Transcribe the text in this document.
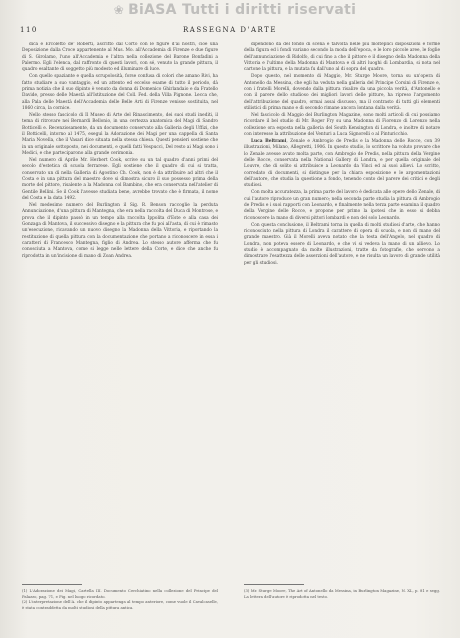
❀ BiASA Tutti i diritti riservati
110	RASSEGNA D'ARTE

dica e Ercoletto de' Roberti, ascritto dal Corto con le figure d'ai nostri, cioè una Deposizione dalla Croce appartenente al Mus. Mo. all'Accademia di Firenze e due figure di S. Girolamo, l'uno all'Accademia e l'altra nella collezione del Barone Bonfadini a Palermo. Egli l'elenca, dal raffronto di questi lavori, con sé, venuto la grande pittura, il quadro esaltante di soggetto più modesto ed illuminare di luce.

Con quello spaziante e quella scrupolosità, forse confusa di colori che amano Rivi, ha fatto studiare a suo vantaggio, ed un attento ed eccelso esame di tutto il periodo, dà prima notizia che il suo dipinto è venuto da donna di Domenico Ghirlandaio e da Fratello Davide, presso delle Maestà all'Istituzione del Coll. Fed. della Villa Pignone. Lecca che, alla Pala delle Maestà dell'Accademia delle Belle Arti di Firenze venisse sostituita, nel 1860 circa, la cornice.

Nello stesso fascicolo di Il Museo di Arte del Rinascimento, dei suoi studi inediti, il tema di ritrovare nei Bernardi Bellonio, in una certezza anatomica del Magi di Sandro Botticelli e. Recenziosamente, da un documento conservato alla Galleria degli Uffizi, che il Botticelli, intorno al 1475, eseguì la Adorazione dei Magi per una cappella di Santa Maria Novella, che il Vasari dice situata nella stessa chiesa. Questi pensieri sostiene che in un originale sottoposto, nei documenti, e quelli fatti Vespucci, Del resto ai Magi sono i Medici, e che parteciparono alla grande cerimonia.

Nel numero di Aprile Mr. Herbert Cook, scrive su un tal quadro d'anni primi del secolo d'estetica di scuola ferrarese. Egli sostiene che il quadro di cui si tratta, conservato un dì nella Galleria di Agostino Ch. Cook, non è da attribuire ad altri che il Costa e in una pittura del maestro dove si dimostra sicuro il suo possesso prima della morte del pittore, risalente a la Madonna col Bambino, che era conservata nell'atelier di Gentile Bellini. Se il Cook l'avesse studiata bene, avrebbe trovato che è firmata, il nome del Costa e la data 1492.

Nel medesimo numero del Burlington il Sig. R. Benson raccoglie la perduta Annunciazione, d'una pittura di Mantegna, che era nella raccolta del Duca di Montrose, e prova che il dipinto passò in un tempo alla raccolta Ippolita d'Este e alla casa dei Gonzaga di Mantova, il successivo disegno e la pittura che fu poi all'asta, di cui è rimasto un'esecuzione, ricavando un nuovo disegno la Madonna della Vittoria, e riportando la restituzione di quella pittura con la documentazione che portano a riconoscere in essa i caratteri di Francesco Mantegna, figlio di Andrea. Lo stesso autore afferma che fu conosciuta a Mantova, come si legge nelle lettere della Corte, e dice che anche fu riprodotta in un'incisione di mano di Zoan Andrea.

dipendono da del fondo di scena e talvolta nelle più molteplici disposizioni e forme della figura ed i fondi variano secondo la moda dell'epoca, e le loro piccole aree, le foglie dell'annunciazione di Ridolfo, di cui fino a che il pittore e il disegno della Madonna della Vittoria e l'ultimo della Madonna di Mantova e di altri luoghi di Lombardia, si nota nel cartone la pittura, e la mutata fu dall'uno al di sopra del quadro.

Dopo questo, nel momento di Maggio, Mr. Sturge Moore, torna su un'opera di Antonello da Messina, che egli ha veduta nella galleria del Principe Corsini di Firenze e, con i fratelli Morelli, dovendo dalla pittura risalire da una piccola verità, d'Antonello e con il parere dello studioso dei migliori lavori delle pitture, ha ripreso l'argomento dell'attribuzione del quadro, ormai assai discusso, ma il contrasto di tutti gli elementi stilistici di prima mano e di secondo rimane ancora lontana dalla verità.

Nel fascicolo di Maggio del Burlington Magazine, sono molti articoli di cui possiamo ricordare il bel studio di Mr. Roger Fry su una Madonna di Fiorenzo di Lorenzo nella collezione ora esposta nella galleria del South Kensington di Londra, e inoltre di notare con interesse la attribuzione del Venturi a Luca Signorelli o al Pinturicchio.

Luca Beltrami, Zenale e Ambrogio de Predis e la Madonna delle Rocce, con 39 illustrazioni, Milano, Allegretti, 1906. In questo studio, lo scrittore ha voluto provare che lo Zenale avesse avuto molta parte, con Ambrogio de Predis, nella pittura della Vergine delle Rocce, conservata nella National Gallery di Londra, e per quella originale del Louvre, che di solito si attribuisce a Leonardo da Vinci ed ai suoi allievi. Lo scritto, corredato di documenti, si distingue per la chiara esposizione e le argomentazioni dell'autore, che studia la questione a fondo, tenendo conto del parere dei critici e degli studiosi.

Con molta accuratezza, la prima parte del lavoro è dedicata alle opere dello Zenale, di cui l'autore riproduce un gran numero; nella seconda parte studia la pittura di Ambrogio de Predis e i suoi rapporti con Leonardo, e finalmente nella terza parte esamina il quadro della Vergine delle Rocce, e propone per primo la ipotesi che in esso si debba riconoscere la mano di diversi pittori lombardi e non del solo Leonardo.

Con questa conclusione, il Beltrami torna in quella di molti studiosi d'arte, che hanno riconosciuto nella pittura di Londra il carattere di opera di scuola, e non di mano del grande maestro. Già il Morelli aveva notato che la testa dell'Angelo, nel quadro di Londra, non poteva essere di Leonardo, e che vi si vedeva la mano di un allievo. Lo studio è accompagnato da molte illustrazioni, tratte da fotografie, che servono a dimostrare l'esattezza delle asserzioni dell'autore, e ne risulta un lavoro di grande utilità per gli studiosi.

(1) L'Adorazione dei Magi, Cartella III. Documento Cerchiatino nella collezione del Principe del Palazzo, pag. 71, e Fig. nel luogo ricordato.

(2) L'interpretazione dell'A. che il dipinto appartenga al tempo anteriore, come vuole il Cavalcaselle, è stata contraddetta da molti studiosi della pittura antica.

(3) Mr. Sturge Moore, The Art of Antonello da Messina, in Burlington Magazine, N. XL, p. 81 e segg. La lettera dell'autore è riprodotta nel testo.
